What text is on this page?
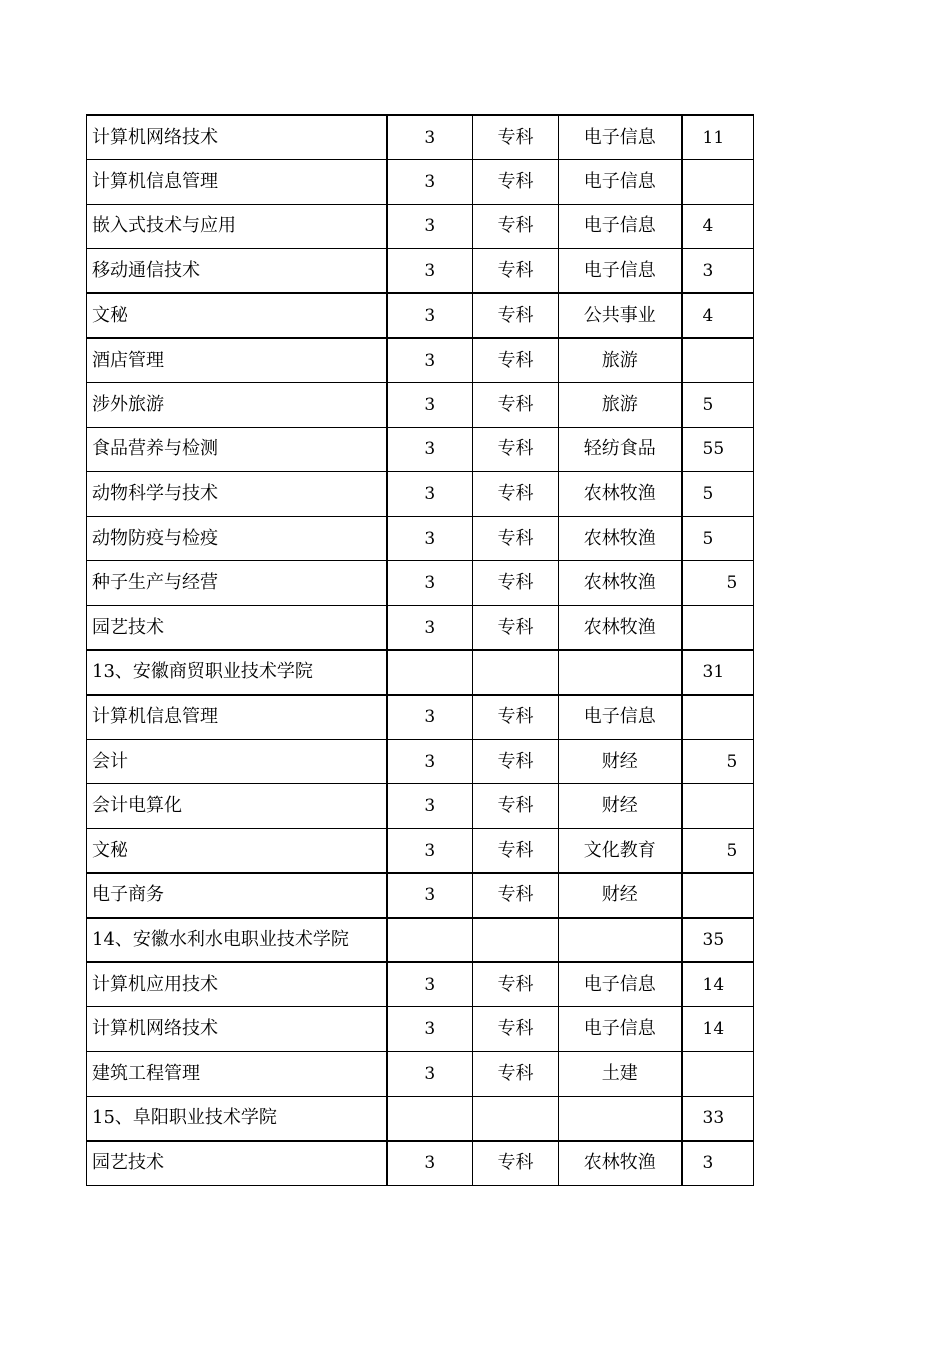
计算机网络技术	3	专科	电子信息	11
计算机信息管理	3	专科	电子信息	
嵌入式技术与应用	3	专科	电子信息	4
移动通信技术	3	专科	电子信息	3
文秘	3	专科	公共事业	4
酒店管理	3	专科	旅游	
涉外旅游	3	专科	旅游	5
食品营养与检测	3	专科	轻纺食品	55
动物科学与技术	3	专科	农林牧渔	5
动物防疫与检疫	3	专科	农林牧渔	5
种子生产与经营	3	专科	农林牧渔	5
园艺技术	3	专科	农林牧渔	
13、安徽商贸职业技术学院				31
计算机信息管理	3	专科	电子信息	
会计	3	专科	财经	5
会计电算化	3	专科	财经	
文秘	3	专科	文化教育	5
电子商务	3	专科	财经	
14、安徽水利水电职业技术学院				35
计算机应用技术	3	专科	电子信息	14
计算机网络技术	3	专科	电子信息	14
建筑工程管理	3	专科	土建	
15、阜阳职业技术学院				33
园艺技术	3	专科	农林牧渔	3
